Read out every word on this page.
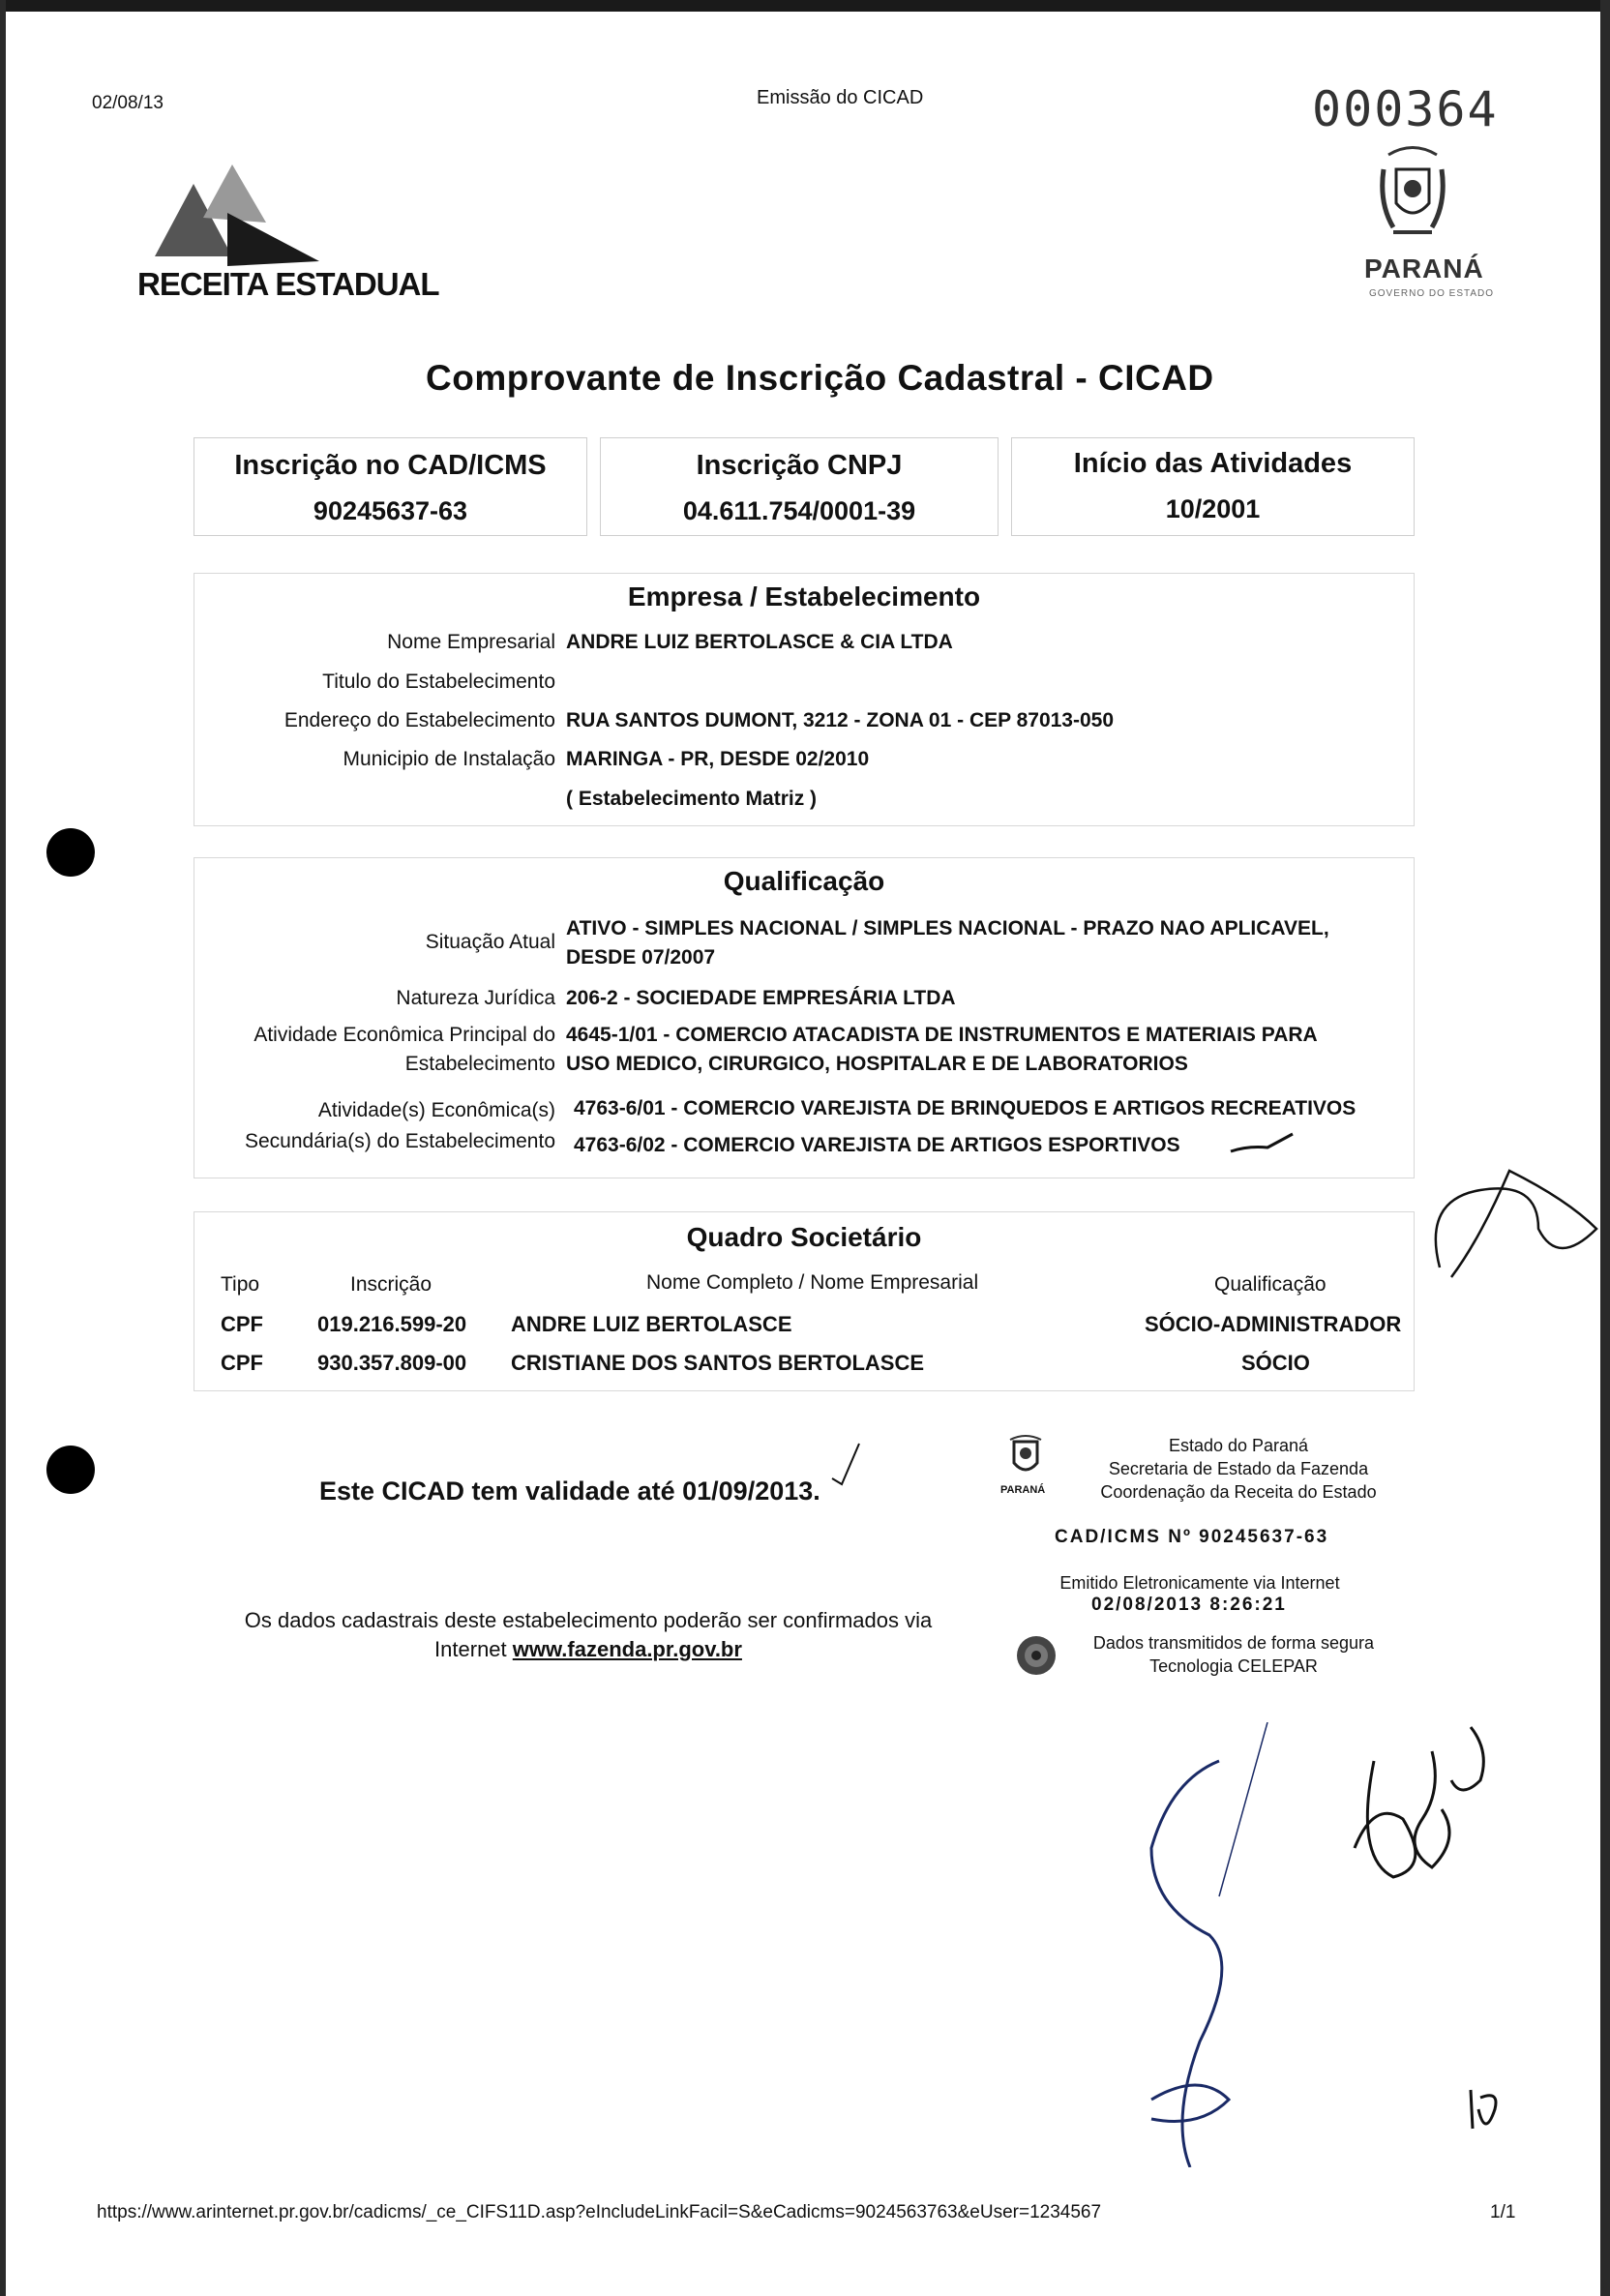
02/08/13	Emissão do CICAD	000364
RECEITA ESTADUAL	PARANÁ
GOVERNO DO ESTADO
Comprovante de Inscrição Cadastral - CICAD
Inscrição no CAD/ICMS
90245637-63
Inscrição CNPJ
04.611.754/0001-39
Início das Atividades
10/2001
Empresa / Estabelecimento
Nome Empresarial ANDRE LUIZ BERTOLASCE & CIA LTDA
Titulo do Estabelecimento
Endereço do Estabelecimento RUA SANTOS DUMONT, 3212 - ZONA 01 - CEP 87013-050
Municipio de Instalação MARINGA - PR, DESDE 02/2010
( Estabelecimento Matriz )
Qualificação
Situação Atual
ATIVO - SIMPLES NACIONAL / SIMPLES NACIONAL - PRAZO NAO APLICAVEL,
DESDE 07/2007
Natureza Jurídica 206-2 - SOCIEDADE EMPRESÁRIA LTDA
Atividade Econômica Principal do
Estabelecimento
4645-1/01 - COMERCIO ATACADISTA DE INSTRUMENTOS E MATERIAIS PARA
USO MEDICO, CIRURGICO, HOSPITALAR E DE LABORATORIOS
Atividade(s) Econômica(s)
Secundária(s) do Estabelecimento
4763-6/01 - COMERCIO VAREJISTA DE BRINQUEDOS E ARTIGOS RECREATIVOS
4763-6/02 - COMERCIO VAREJISTA DE ARTIGOS ESPORTIVOS
Quadro Societário
Tipo	Inscrição	Nome Completo / Nome Empresarial	Qualificação
CPF	019.216.599-20 ANDRE LUIZ BERTOLASCE	SÓCIO-ADMINISTRADOR
CPF	930.357.809-00 CRISTIANE DOS SANTOS BERTOLASCE	SÓCIO
Este CICAD tem validade até 01/09/2013.
Os dados cadastrais deste estabelecimento poderão ser confirmados via
Internet www.fazenda.pr.gov.br
PARANÁ
Estado do Paraná
Secretaria de Estado da Fazenda
Coordenação da Receita do Estado
CAD/ICMS Nº 90245637-63
Emitido Eletronicamente via Internet
02/08/2013 8:26:21
Dados transmitidos de forma segura
Tecnologia CELEPAR
https://www.arinternet.pr.gov.br/cadicms/_ce_CIFS11D.asp?eIncludeLinkFacil=S&eCadicms=9024563763&eUser=1234567	1/1
